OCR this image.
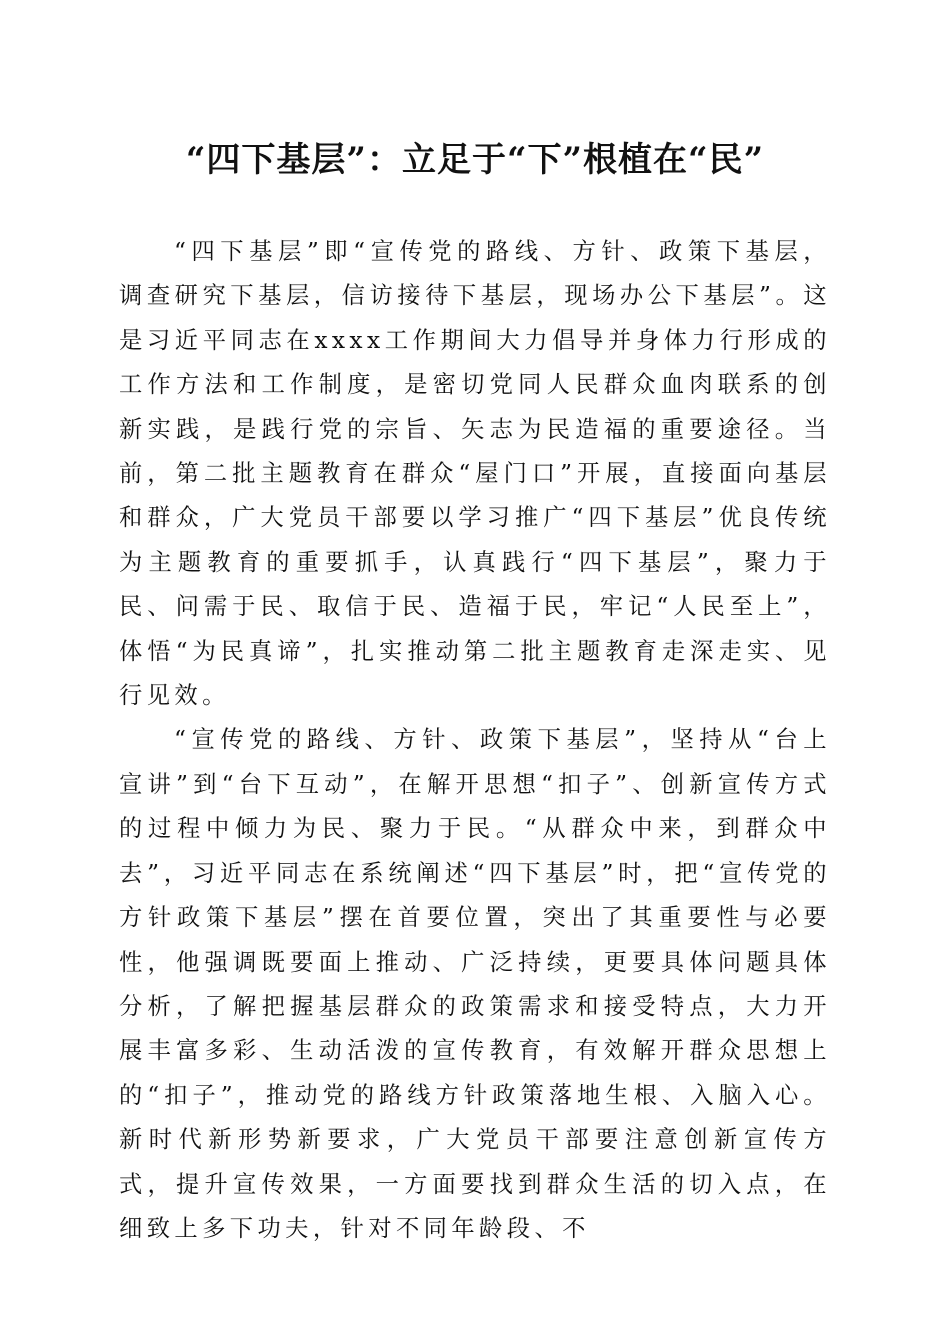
“四下基层”：立足于“下”根植在“民”

“四下基层”即“宣传党的路线、方针、政策下基层，调查研究下基层，信访接待下基层，现场办公下基层”。这是习近平同志在xxxx工作期间大力倡导并身体力行形成的工作方法和工作制度，是密切党同人民群众血肉联系的创新实践，是践行党的宗旨、矢志为民造福的重要途径。当前，第二批主题教育在群众“屋门口”开展，直接面向基层和群众，广大党员干部要以学习推广“四下基层”优良传统为主题教育的重要抓手，认真践行“四下基层”，聚力于民、问需于民、取信于民、造福于民，牢记“人民至上”，体悟“为民真谛”，扎实推动第二批主题教育走深走实、见行见效。

“宣传党的路线、方针、政策下基层”，坚持从“台上宣讲”到“台下互动”，在解开思想“扣子”、创新宣传方式的过程中倾力为民、聚力于民。“从群众中来，到群众中去”，习近平同志在系统阐述“四下基层”时，把“宣传党的方针政策下基层”摆在首要位置，突出了其重要性与必要性，他强调既要面上推动、广泛持续，更要具体问题具体分析，了解把握基层群众的政策需求和接受特点，大力开展丰富多彩、生动活泼的宣传教育，有效解开群众思想上的“扣子”，推动党的路线方针政策落地生根、入脑入心。新时代新形势新要求，广大党员干部要注意创新宣传方式，提升宣传效果，一方面要找到群众生活的切入点，在细致上多下功夫，针对不同年龄段、不
